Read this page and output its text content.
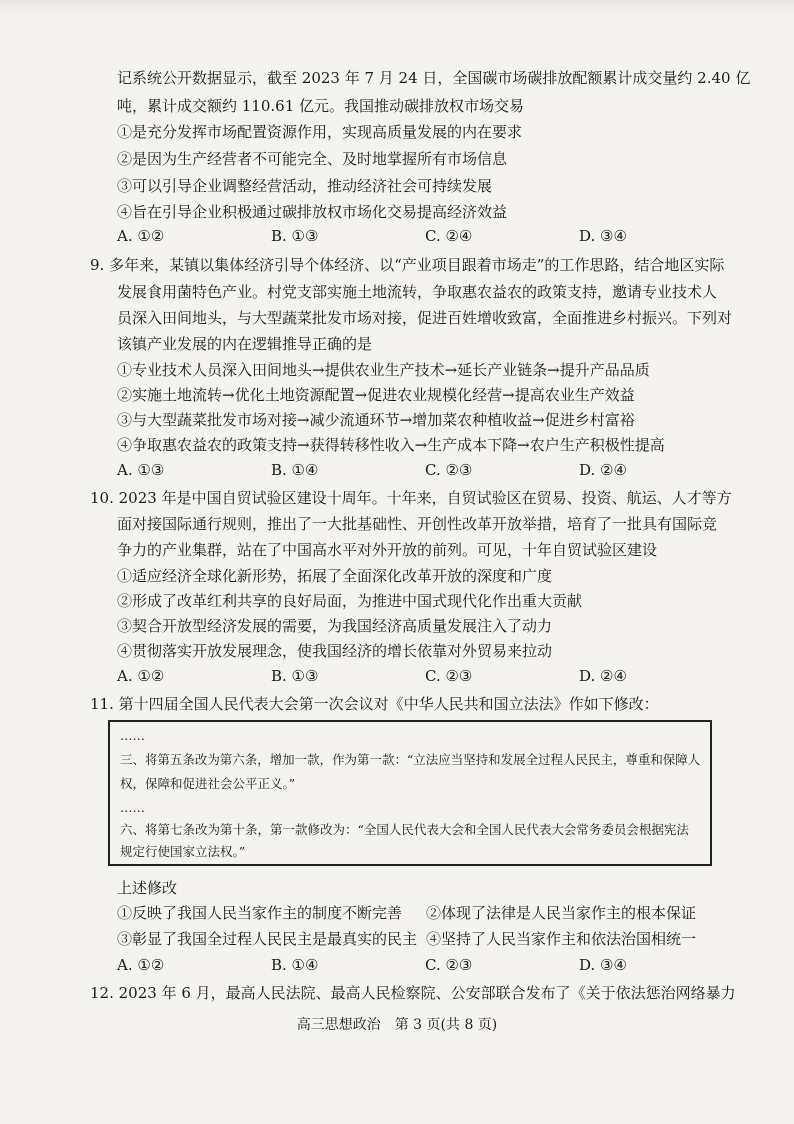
记系统公开数据显示，截至 2023 年 7 月 24 日，全国碳市场碳排放配额累计成交量约 2.40 亿
吨，累计成交额约 110.61 亿元。我国推动碳排放权市场交易
①是充分发挥市场配置资源作用，实现高质量发展的内在要求
②是因为生产经营者不可能完全、及时地掌握所有市场信息
③可以引导企业调整经营活动，推动经济社会可持续发展
④旨在引导企业积极通过碳排放权市场化交易提高经济效益
A. ①②	B. ①③	C. ②④	D. ③④
9. 多年来，某镇以集体经济引导个体经济、以“产业项目跟着市场走”的工作思路，结合地区实际
发展食用菌特色产业。村党支部实施土地流转，争取惠农益农的政策支持，邀请专业技术人
员深入田间地头，与大型蔬菜批发市场对接，促进百姓增收致富，全面推进乡村振兴。下列对
该镇产业发展的内在逻辑推导正确的是
①专业技术人员深入田间地头→提供农业生产技术→延长产业链条→提升产品品质
②实施土地流转→优化土地资源配置→促进农业规模化经营→提高农业生产效益
③与大型蔬菜批发市场对接→减少流通环节→增加菜农种植收益→促进乡村富裕
④争取惠农益农的政策支持→获得转移性收入→生产成本下降→农户生产积极性提高
A. ①③	B. ①④	C. ②③	D. ②④
10. 2023 年是中国自贸试验区建设十周年。十年来，自贸试验区在贸易、投资、航运、人才等方
面对接国际通行规则，推出了一大批基础性、开创性改革开放举措，培育了一批具有国际竞
争力的产业集群，站在了中国高水平对外开放的前列。可见，十年自贸试验区建设
①适应经济全球化新形势，拓展了全面深化改革开放的深度和广度
②形成了改革红利共享的良好局面，为推进中国式现代化作出重大贡献
③契合开放型经济发展的需要，为我国经济高质量发展注入了动力
④贯彻落实开放发展理念，使我国经济的增长依靠对外贸易来拉动
A. ①②	B. ①③	C. ②③	D. ②④
11. 第十四届全国人民代表大会第一次会议对《中华人民共和国立法法》作如下修改：
……
三、将第五条改为第六条，增加一款，作为第一款：“立法应当坚持和发展全过程人民民主，尊重和保障人
权，保障和促进社会公平正义。”
……
六、将第七条改为第十条，第一款修改为：“全国人民代表大会和全国人民代表大会常务委员会根据宪法
规定行使国家立法权。”
上述修改
①反映了我国人民当家作主的制度不断完善 ②体现了法律是人民当家作主的根本保证
③彰显了我国全过程人民民主是最真实的民主 ④坚持了人民当家作主和依法治国相统一
A. ①②	B. ①④	C. ②③	D. ③④
12. 2023 年 6 月，最高人民法院、最高人民检察院、公安部联合发布了《关于依法惩治网络暴力
高三思想政治　第 3 页(共 8 页)
